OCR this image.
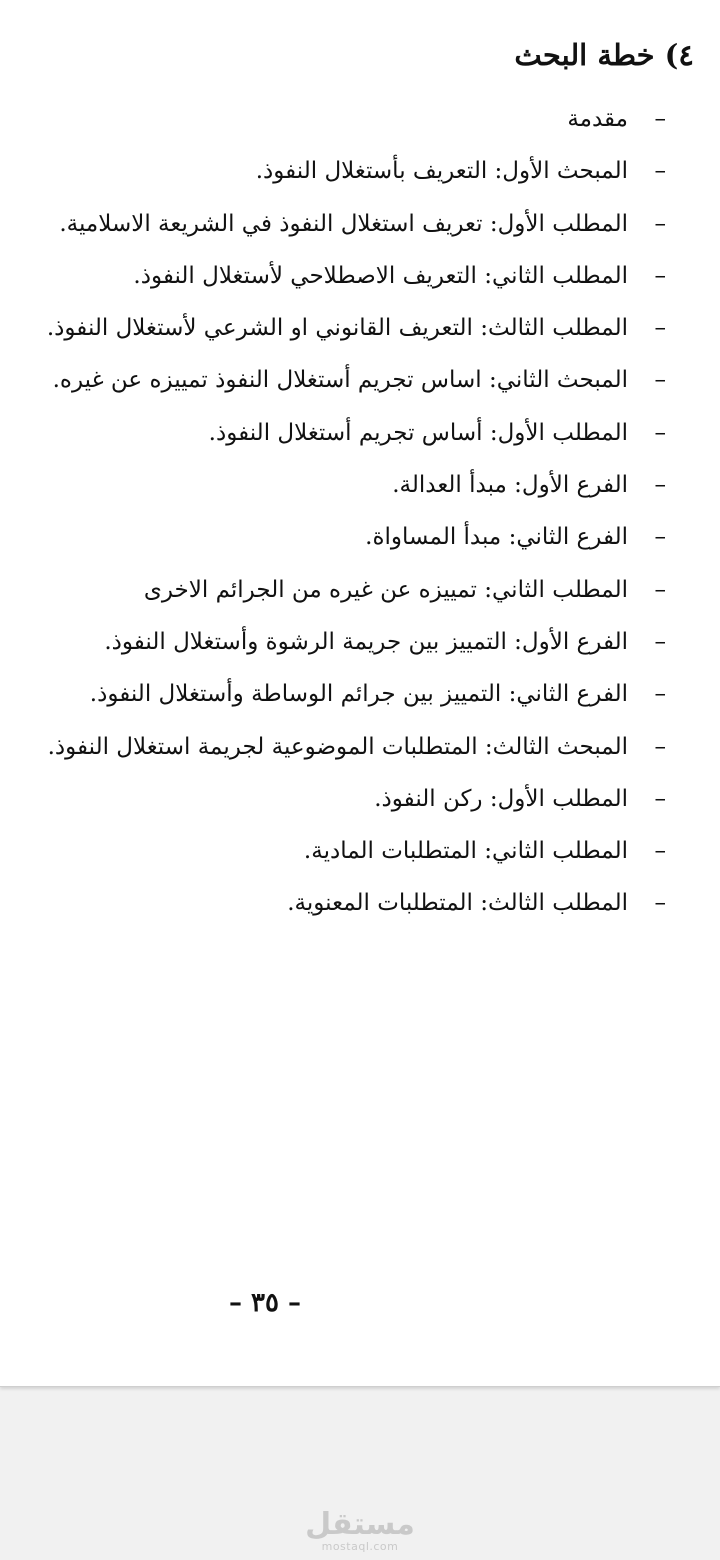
٤) خطة البحث
–
مقدمة
–
المبحث الأول: التعريف بأستغلال النفوذ.
–
المطلب الأول: تعريف استغلال النفوذ في الشريعة الاسلامية.
–
المطلب الثاني: التعريف الاصطلاحي لأستغلال النفوذ.
–
المطلب الثالث: التعريف القانوني او الشرعي لأستغلال النفوذ.
–
المبحث الثاني: اساس تجريم أستغلال النفوذ تمييزه عن غيره.
–
المطلب الأول: أساس تجريم أستغلال النفوذ.
–
الفرع الأول: مبدأ العدالة.
–
الفرع الثاني: مبدأ المساواة.
–
المطلب الثاني: تمييزه عن غيره من الجرائم الاخرى
–
الفرع الأول: التمييز بين جريمة الرشوة وأستغلال النفوذ.
–
الفرع الثاني: التمييز بين جرائم الوساطة وأستغلال النفوذ.
–
المبحث الثالث: المتطلبات الموضوعية لجريمة استغلال النفوذ.
–
المطلب الأول: ركن النفوذ.
–
المطلب الثاني: المتطلبات المادية.
–
المطلب الثالث: المتطلبات المعنوية.
– ٣٥ –
مستقل
mostaql.com
